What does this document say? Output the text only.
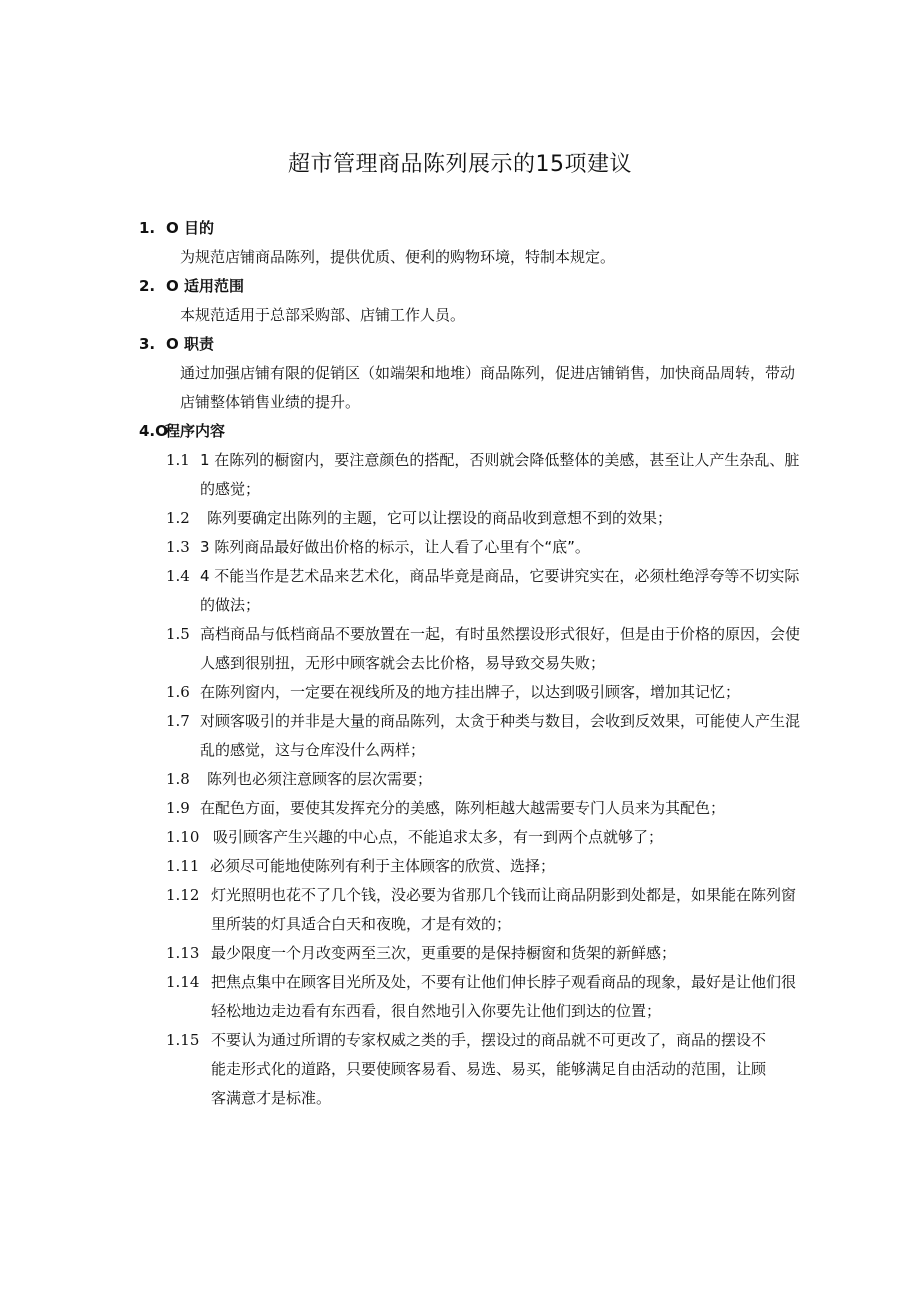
超市管理商品陈列展示的15项建议
1. O 目的
为规范店铺商品陈列，提供优质、便利的购物环境，特制本规定。
2. O 适用范围
本规范适用于总部采购部、店铺工作人员。
3. O 职责
通过加强店铺有限的促销区（如端架和地堆）商品陈列，促进店铺销售，加快商品周转，带动店铺整体销售业绩的提升。
4.O
程序内容
1.1 1 在陈列的橱窗内，要注意颜色的搭配，否则就会降低整体的美感，甚至让人产生杂乱、脏的感觉；
1.2 陈列要确定出陈列的主题，它可以让摆设的商品收到意想不到的效果；
1.3 3 陈列商品最好做出价格的标示，让人看了心里有个“底”。
1.4 4 不能当作是艺术品来艺术化，商品毕竟是商品，它要讲究实在，必须杜绝浮夸等不切实际的做法；
1.5 高档商品与低档商品不要放置在一起，有时虽然摆设形式很好，但是由于价格的原因，会使人感到很别扭，无形中顾客就会去比价格，易导致交易失败；
1.6 在陈列窗内，一定要在视线所及的地方挂出牌子，以达到吸引顾客，增加其记忆；
1.7 对顾客吸引的并非是大量的商品陈列，太贪于种类与数目，会收到反效果，可能使人产生混乱的感觉，这与仓库没什么两样；
1.8 陈列也必须注意顾客的层次需要；
1.9 在配色方面，要使其发挥充分的美感，陈列柜越大越需要专门人员来为其配色；
1.10 吸引顾客产生兴趣的中心点，不能追求太多，有一到两个点就够了；
1.11 必须尽可能地使陈列有利于主体顾客的欣赏、选择；
1.12 灯光照明也花不了几个钱，没必要为省那几个钱而让商品阴影到处都是，如果能在陈列窗里所装的灯具适合白天和夜晚，才是有效的；
1.13 最少限度一个月改变两至三次，更重要的是保持橱窗和货架的新鲜感；
1.14 把焦点集中在顾客目光所及处，不要有让他们伸长脖子观看商品的现象，最好是让他们很轻松地边走边看有东西看，很自然地引入你要先让他们到达的位置；
1.15 不要认为通过所谓的专家权威之类的手，摆设过的商品就不可更改了，商品的摆设不能走形式化的道路，只要使顾客易看、易选、易买，能够满足自由活动的范围，让顾客满意才是标准。
